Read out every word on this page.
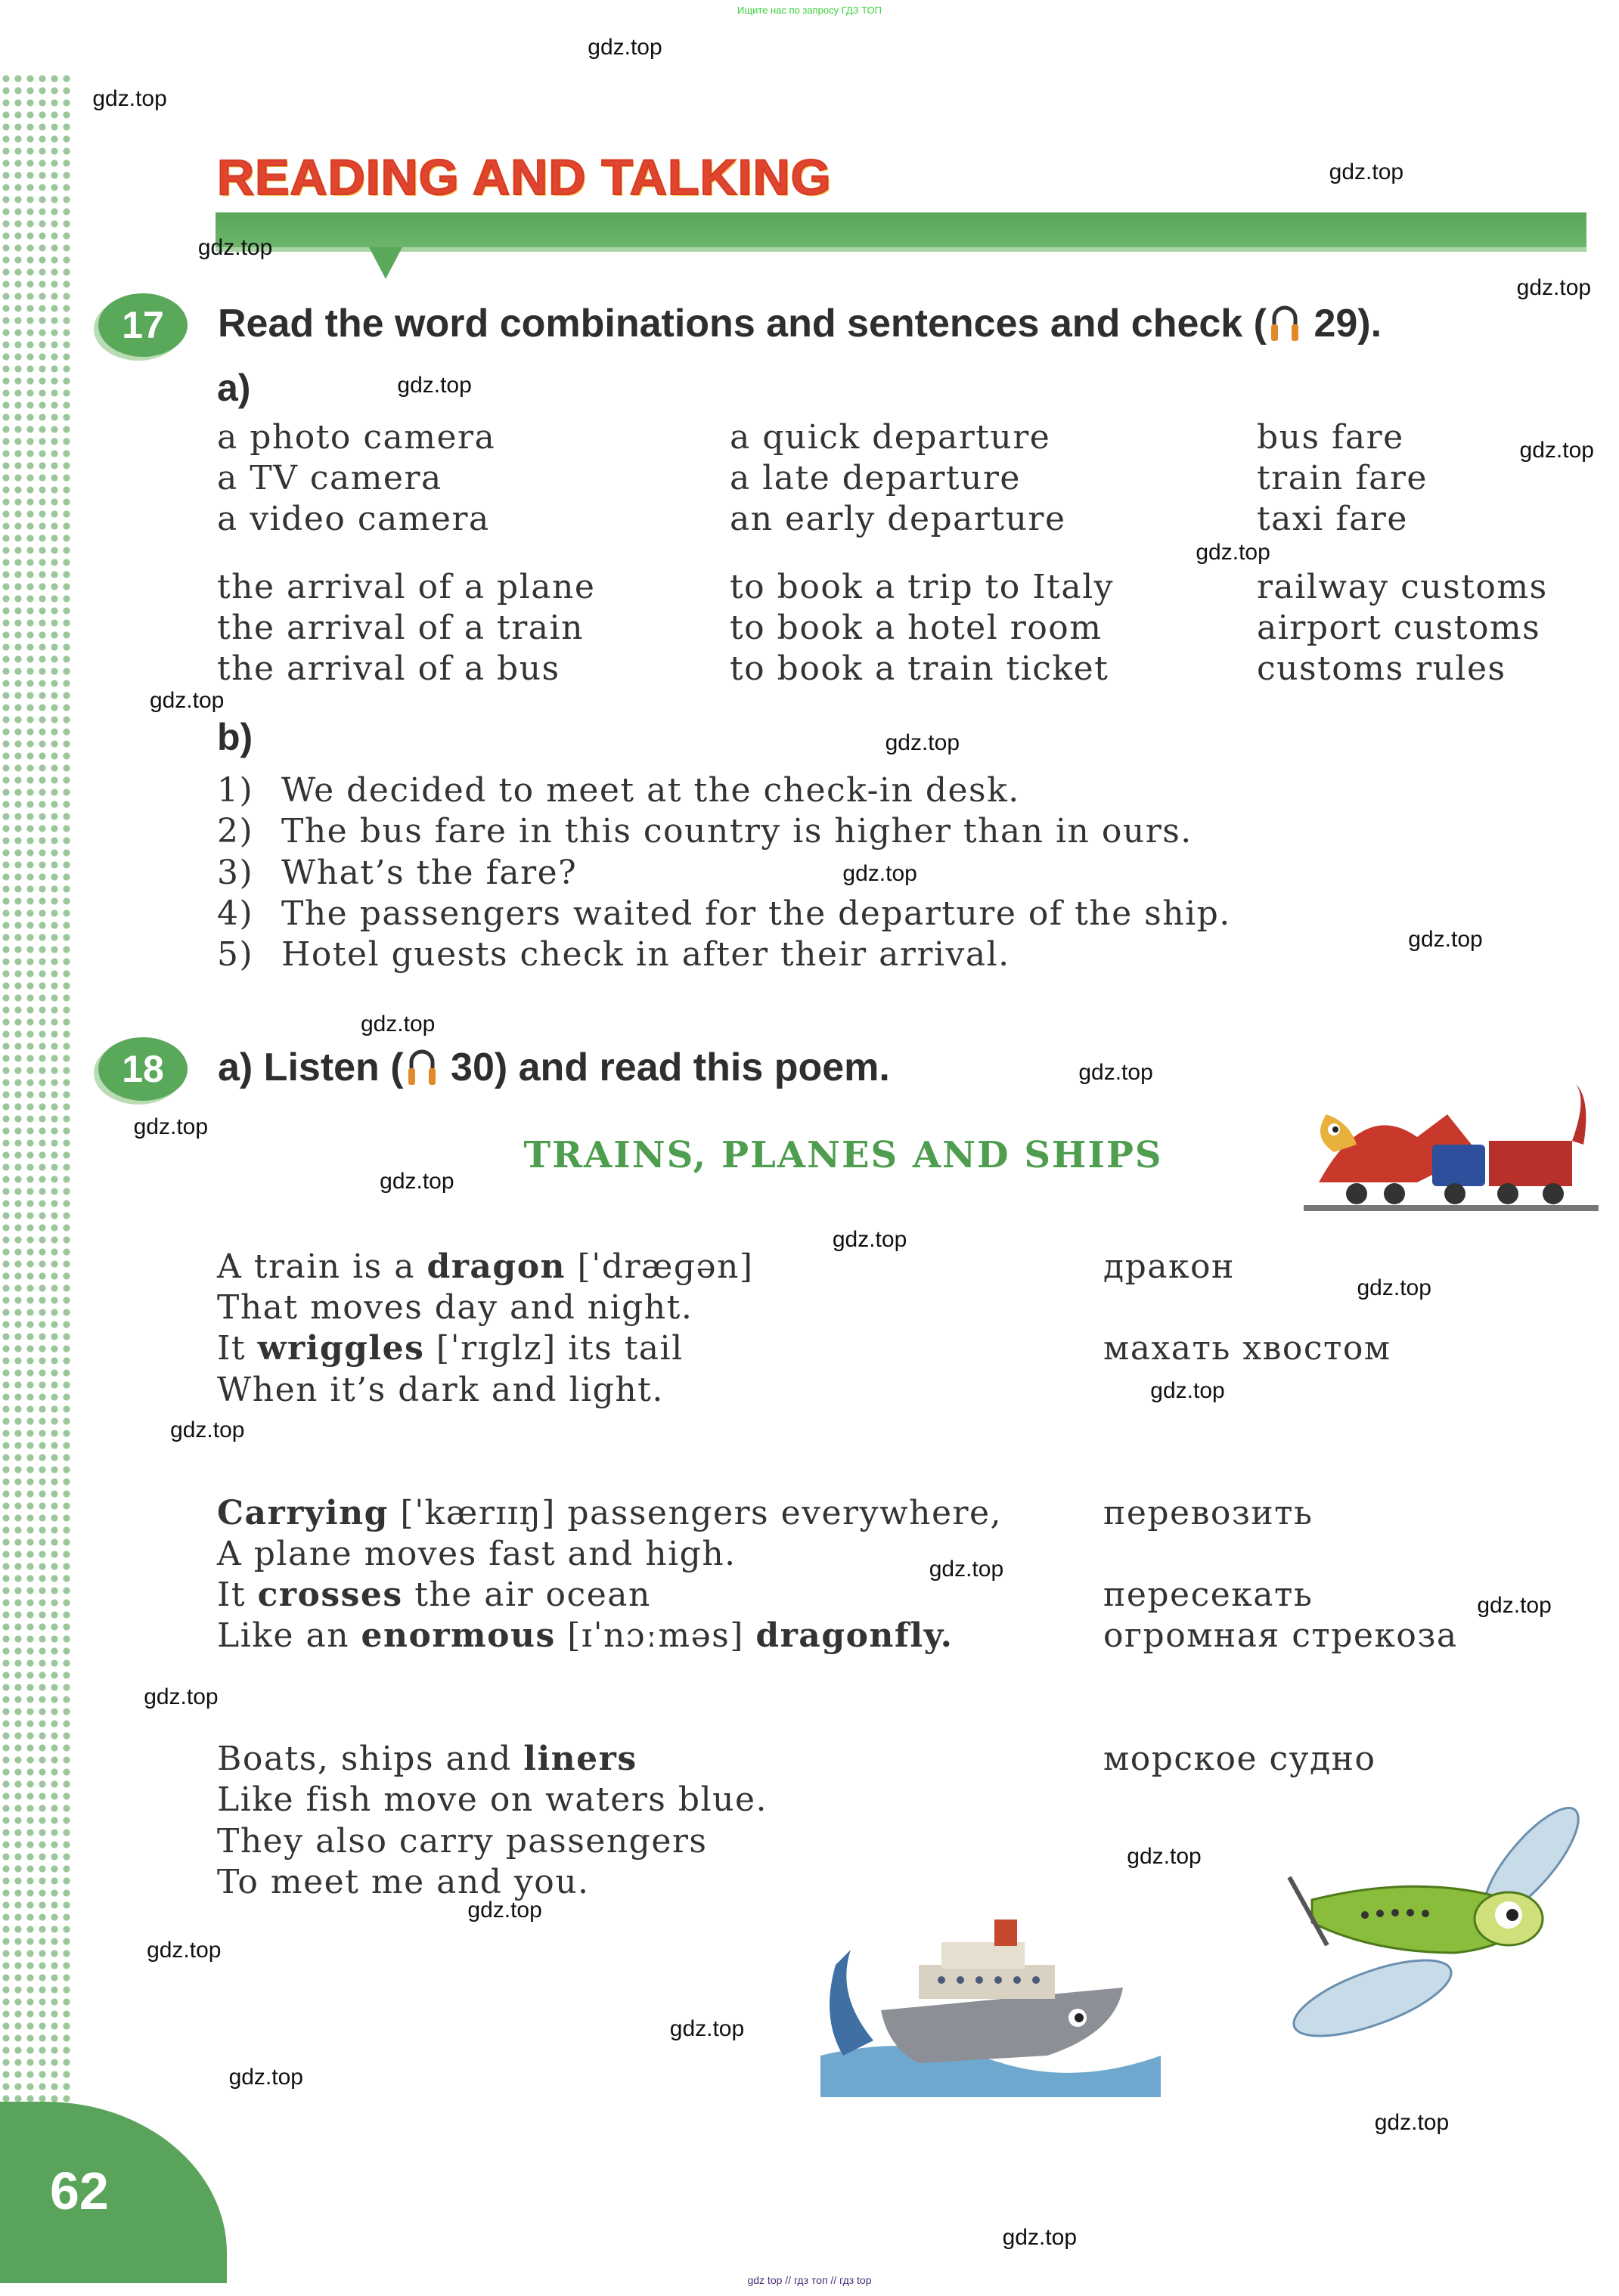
Ищите нас по запросу ГДЗ ТОП
62
READING AND TALKING
17	Read the word combinations and sentences and check ( 29).
a)
a photo camera	a quick departure	bus fare
a TV camera	a late departure	train fare
a video camera	an early departure	taxi fare
the arrival of a plane	to book a trip to Italy	railway customs
the arrival of a train	to book a hotel room	airport customs
the arrival of a bus	to book a train ticket	customs rules
b)
1) We decided to meet at the check-in desk.
2) The bus fare in this country is higher than in ours.
3) What’s the fare?
4) The passengers waited for the departure of the ship.
5) Hotel guests check in after their arrival.
18	a) Listen ( 30) and read this poem.
TRAINS, PLANES AND SHIPS
A train is a dragon [ˈdræɡən]
That moves day and night.
It wriggles [ˈrɪɡlz] its tail
When it’s dark and light.
Carrying [ˈkærɪɪŋ] passengers everywhere,
A plane moves fast and high.
It crosses the air ocean
Like an enormous [ɪˈnɔːməs] dragonfly.
Boats, ships and liners
Like fish move on waters blue.
They also carry passengers
To meet me and you.
дракон
махать хвостом
перевозить
пересекать
огромная стрекоза
морское судно
gdz.top
gdz.top
gdz.top
gdz.top
gdz.top
gdz.top
gdz.top
gdz.top
gdz.top
gdz.top
gdz.top
gdz.top
gdz.top
gdz.top
gdz.top
gdz.top
gdz.top
gdz.top
gdz.top
gdz.top
gdz.top
gdz.top
gdz.top
gdz.top
gdz.top
gdz.top
gdz.top
gdz.top
gdz.top
gdz.top
gdz top // гдз топ // гдз top
